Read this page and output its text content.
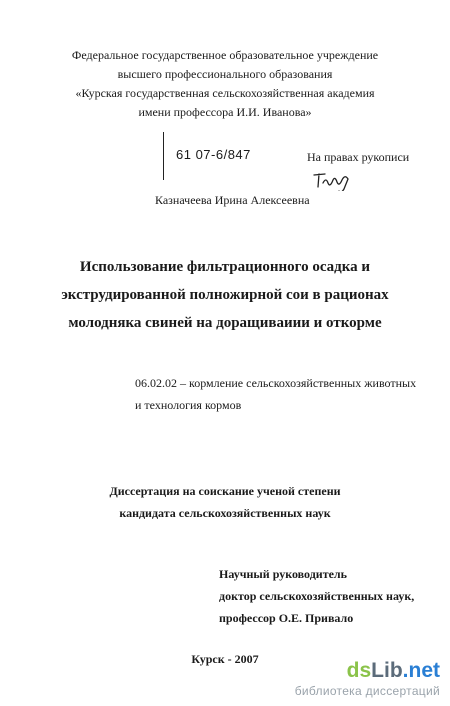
Федеральное государственное образовательное учреждение
высшего профессионального образования
«Курская государственная сельскохозяйственная академия
имени профессора И.И. Иванова»
61 07-6/847	На правах рукописи
Казначеева Ирина Алексеевна
Использование фильтрационного осадка и
экструдированной полножирной сои в рационах
молодняка свиней на доращиваиии и откорме
06.02.02 – кормление сельскохозяйственных животных
и технология кормов
Диссертация на соискание ученой степени
кандидата сельскохозяйственных наук
Научный руководитель
доктор сельскохозяйственных наук,
профессор О.Е. Привало
Курск - 2007	dsLib.net
библиотека диссертаций
